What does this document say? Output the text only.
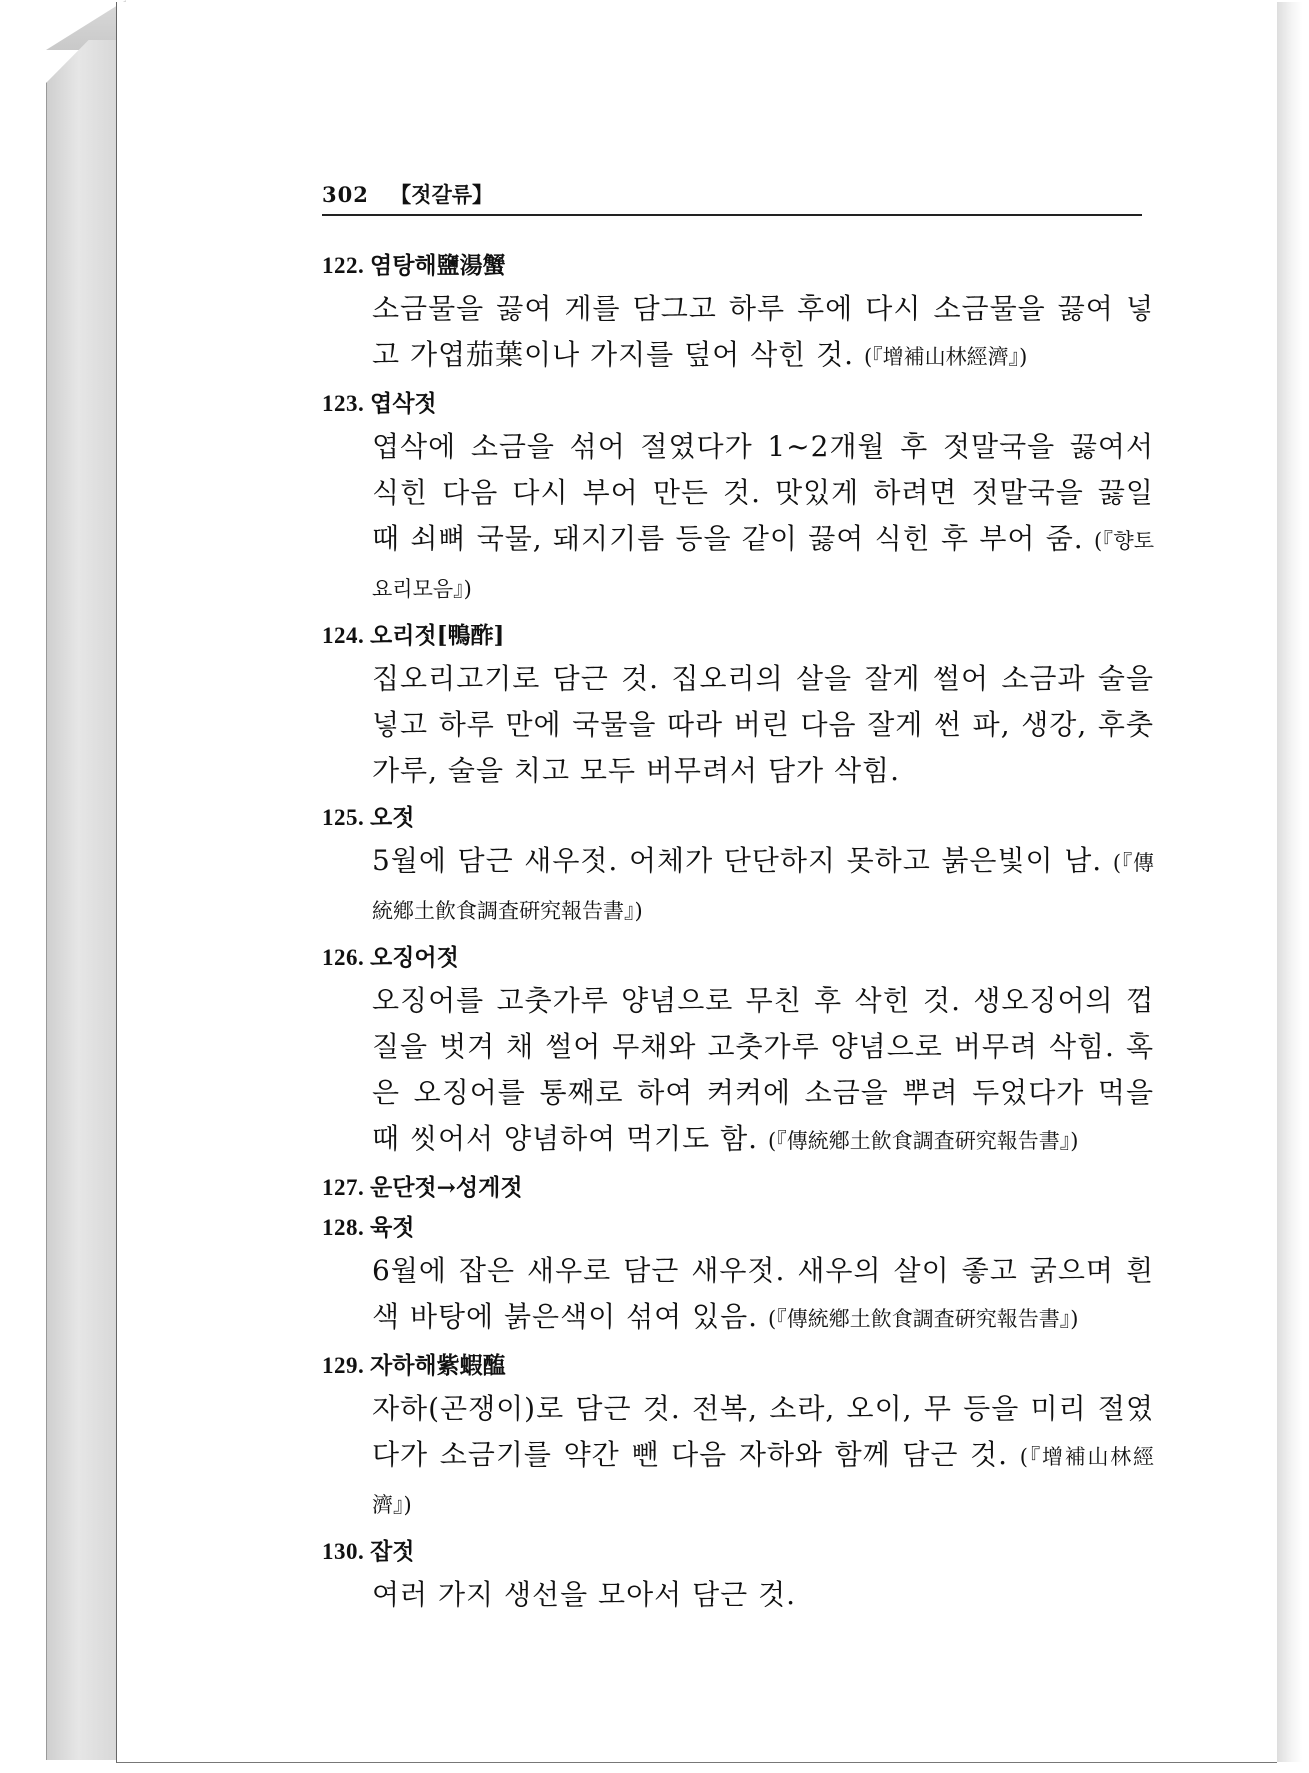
302 【젓갈류】
122. 염탕해鹽湯蟹
소금물을 끓여 게를 담그고 하루 후에 다시 소금물을 끓여 넣고 가엽茄葉이나 가지를 덮어 삭힌 것. (『增補山林經濟』)
123. 엽삭젓
엽삭에 소금을 섞어 절였다가 1~2개월 후 젓말국을 끓여서 식힌 다음 다시 부어 만든 것. 맛있게 하려면 젓말국을 끓일 때 쇠뼈 국물, 돼지기름 등을 같이 끓여 식힌 후 부어 줌. (『향토요리모음』)
124. 오리젓[鴨酢]
집오리고기로 담근 것. 집오리의 살을 잘게 썰어 소금과 술을 넣고 하루 만에 국물을 따라 버린 다음 잘게 썬 파, 생강, 후춧가루, 술을 치고 모두 버무려서 담가 삭힘.
125. 오젓
5월에 담근 새우젓. 어체가 단단하지 못하고 붉은빛이 남. (『傳統鄕土飮食調査硏究報告書』)
126. 오징어젓
오징어를 고춧가루 양념으로 무친 후 삭힌 것. 생오징어의 껍질을 벗겨 채 썰어 무채와 고춧가루 양념으로 버무려 삭힘. 혹은 오징어를 통째로 하여 켜켜에 소금을 뿌려 두었다가 먹을 때 씻어서 양념하여 먹기도 함. (『傳統鄕土飮食調査硏究報告書』)
127. 운단젓→성게젓
128. 육젓
6월에 잡은 새우로 담근 새우젓. 새우의 살이 좋고 굵으며 흰색 바탕에 붉은색이 섞여 있음. (『傳統鄕土飮食調査硏究報告書』)
129. 자하해紫蝦醢
자하(곤쟁이)로 담근 것. 전복, 소라, 오이, 무 등을 미리 절였다가 소금기를 약간 뺀 다음 자하와 함께 담근 것. (『增補山林經濟』)
130. 잡젓
여러 가지 생선을 모아서 담근 것.
